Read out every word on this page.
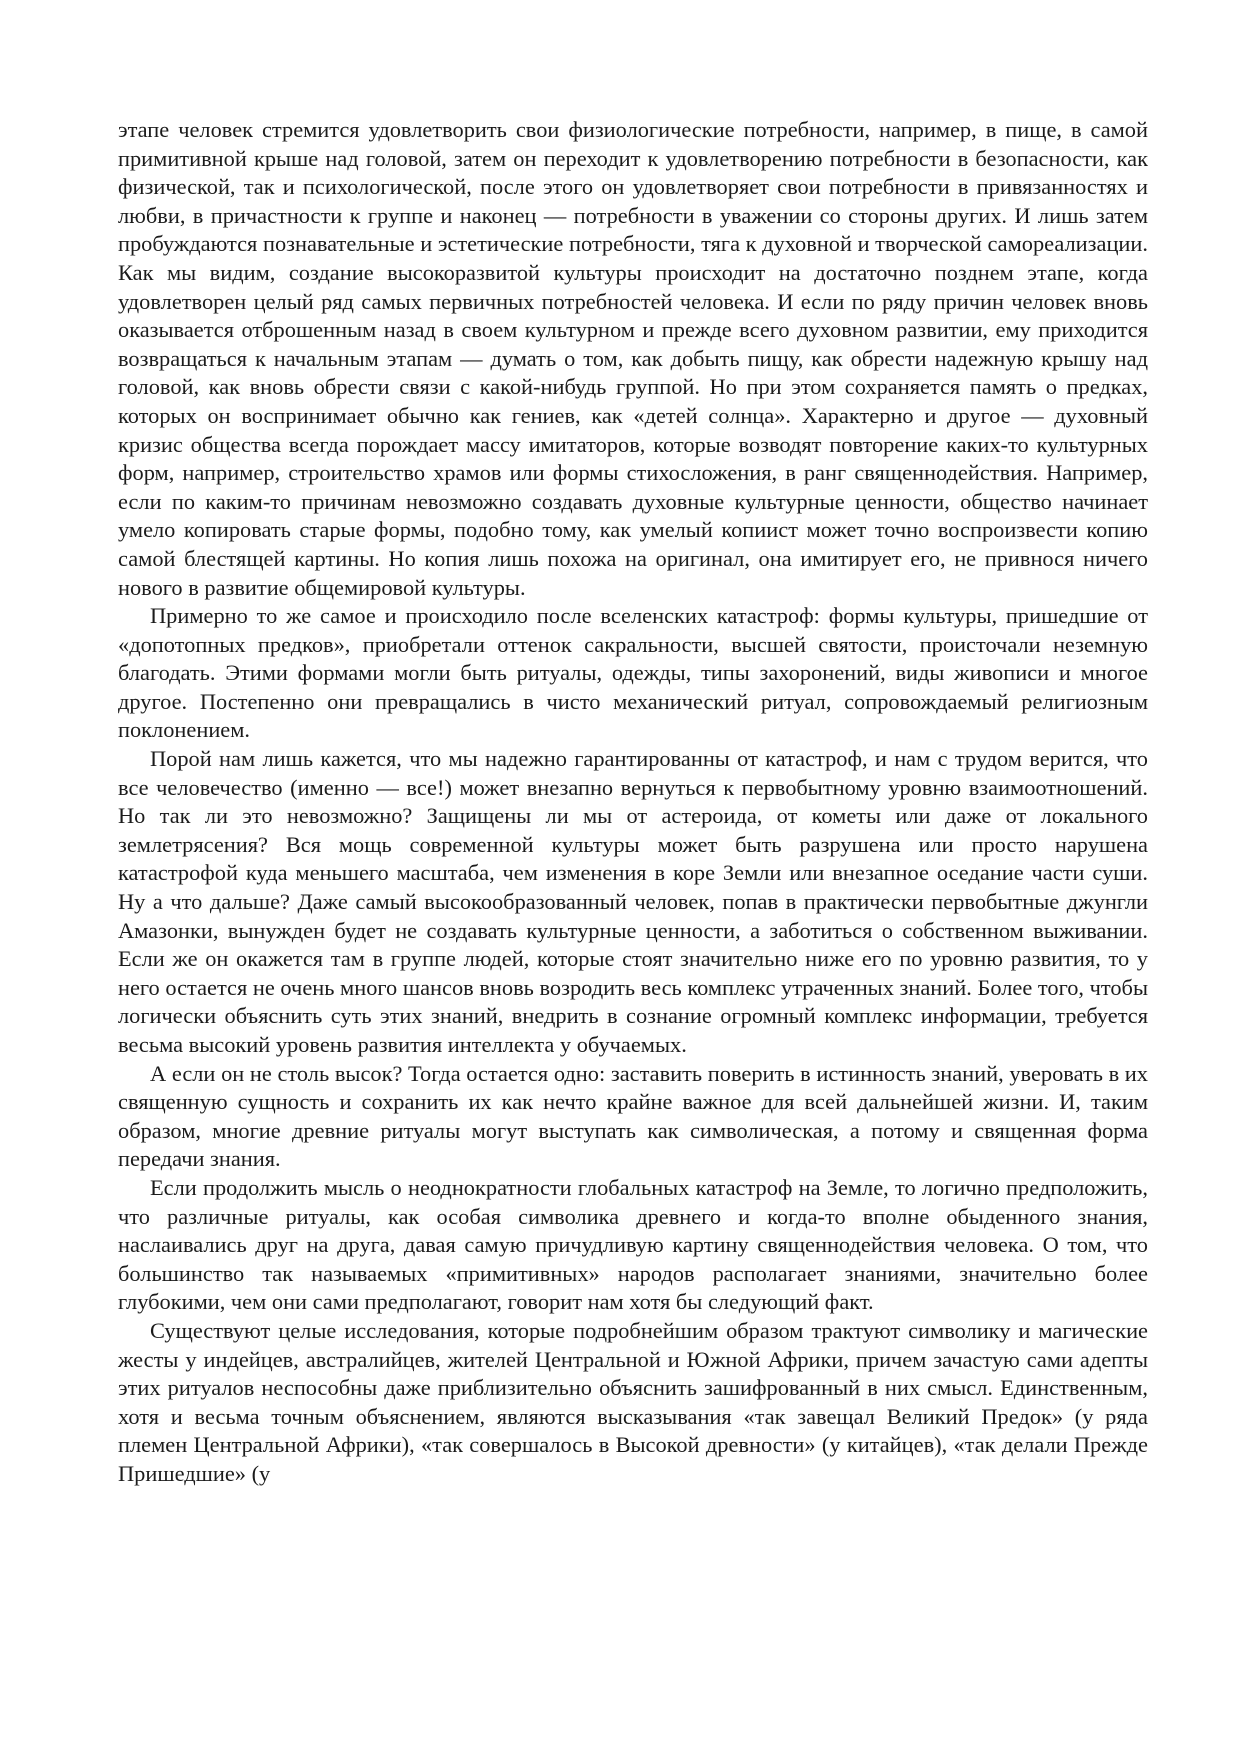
этапе человек стремится удовлетворить свои физиологические потребности, например, в пище, в самой примитивной крыше над головой, затем он переходит к удовлетворению потребности в безопасности, как физической, так и психологической, после этого он удовлетворяет свои потребности в привязанностях и любви, в причастности к группе и наконец — потребности в уважении со стороны других. И лишь затем пробуждаются познавательные и эстетические потребности, тяга к духовной и творческой самореализации. Как мы видим, создание высокоразвитой культуры происходит на достаточно позднем этапе, когда удовлетворен целый ряд самых первичных потребностей человека. И если по ряду причин человек вновь оказывается отброшенным назад в своем культурном и прежде всего духовном развитии, ему приходится возвращаться к начальным этапам — думать о том, как добыть пищу, как обрести надежную крышу над головой, как вновь обрести связи с какой-нибудь группой. Но при этом сохраняется память о предках, которых он воспринимает обычно как гениев, как «детей солнца». Характерно и другое — духовный кризис общества всегда порождает массу имитаторов, которые возводят повторение каких-то культурных форм, например, строительство храмов или формы стихосложения, в ранг священнодействия. Например, если по каким-то причинам невозможно создавать духовные культурные ценности, общество начинает умело копировать старые формы, подобно тому, как умелый копиист может точно воспроизвести копию самой блестящей картины. Но копия лишь похожа на оригинал, она имитирует его, не привнося ничего нового в развитие общемировой культуры.

Примерно то же самое и происходило после вселенских катастроф: формы культуры, пришедшие от «допотопных предков», приобретали оттенок сакральности, высшей святости, происточали неземную благодать. Этими формами могли быть ритуалы, одежды, типы захоронений, виды живописи и многое другое. Постепенно они превращались в чисто механический ритуал, сопровождаемый религиозным поклонением.

Порой нам лишь кажется, что мы надежно гарантированны от катастроф, и нам с трудом верится, что все человечество (именно — все!) может внезапно вернуться к первобытному уровню взаимоотношений. Но так ли это невозможно? Защищены ли мы от астероида, от кометы или даже от локального землетрясения? Вся мощь современной культуры может быть разрушена или просто нарушена катастрофой куда меньшего масштаба, чем изменения в коре Земли или внезапное оседание части суши. Ну а что дальше? Даже самый высокообразованный человек, попав в практически первобытные джунгли Амазонки, вынужден будет не создавать культурные ценности, а заботиться о собственном выживании. Если же он окажется там в группе людей, которые стоят значительно ниже его по уровню развития, то у него остается не очень много шансов вновь возродить весь комплекс утраченных знаний. Более того, чтобы логически объяснить суть этих знаний, внедрить в сознание огромный комплекс информации, требуется весьма высокий уровень развития интеллекта у обучаемых.

А если он не столь высок? Тогда остается одно: заставить поверить в истинность знаний, уверовать в их священную сущность и сохранить их как нечто крайне важное для всей дальнейшей жизни. И, таким образом, многие древние ритуалы могут выступать как символическая, а потому и священная форма передачи знания.

Если продолжить мысль о неоднократности глобальных катастроф на Земле, то логично предположить, что различные ритуалы, как особая символика древнего и когда-то вполне обыденного знания, наслаивались друг на друга, давая самую причудливую картину священнодействия человека. О том, что большинство так называемых «примитивных» народов располагает знаниями, значительно более глубокими, чем они сами предполагают, говорит нам хотя бы следующий факт.

Существуют целые исследования, которые подробнейшим образом трактуют символику и магические жесты у индейцев, австралийцев, жителей Центральной и Южной Африки, причем зачастую сами адепты этих ритуалов неспособны даже приблизительно объяснить зашифрованный в них смысл. Единственным, хотя и весьма точным объяснением, являются высказывания «так завещал Великий Предок» (у ряда племен Центральной Африки), «так совершалось в Высокой древности» (у китайцев), «так делали Прежде Пришедшие» (у
